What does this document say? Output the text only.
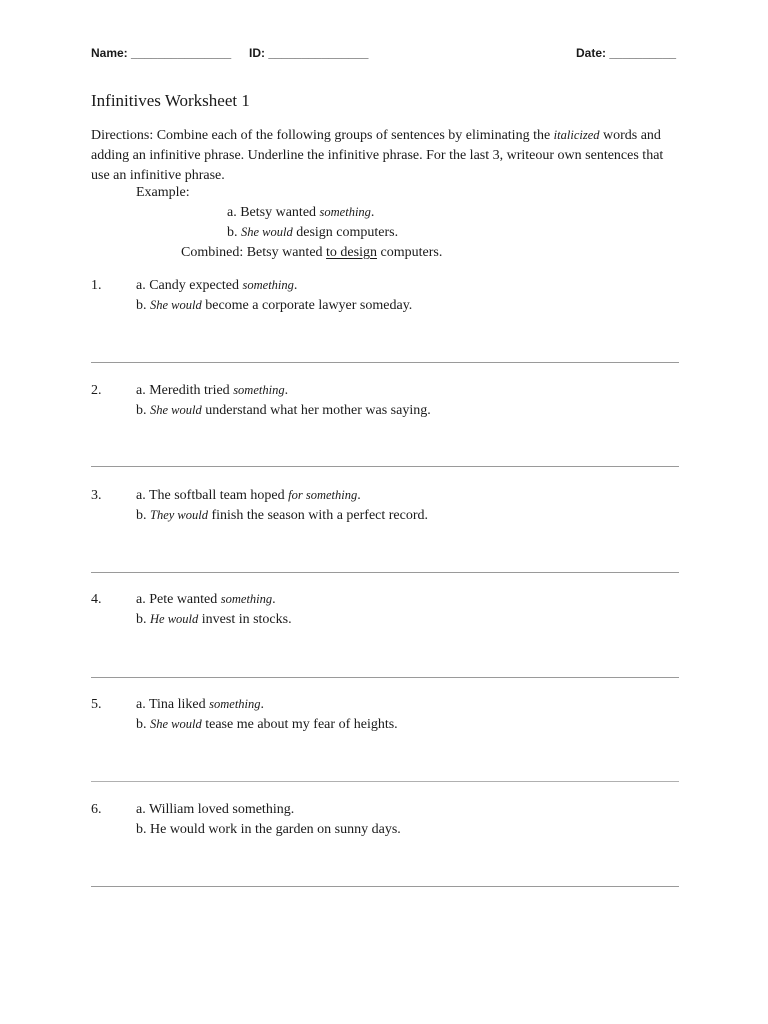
Name: _______________ ID: _______________	Date: __________
Infinitives Worksheet 1
Directions: Combine each of the following groups of sentences by eliminating the italicized words and adding an infinitive phrase. Underline the infinitive phrase. For the last 3, writeour own sentences that use an infinitive phrase.
Example:
a. Betsy wanted something.
b. She would design computers.
Combined: Betsy wanted to design computers.
1. a. Candy expected something.
b. She would become a corporate lawyer someday.
2. a. Meredith tried something.
b. She would understand what her mother was saying.
3. a. The softball team hoped for something.
b. They would finish the season with a perfect record.
4. a. Pete wanted something.
b. He would invest in stocks.
5. a. Tina liked something.
b. She would tease me about my fear of heights.
6. a. William loved something.
b. He would work in the garden on sunny days.
